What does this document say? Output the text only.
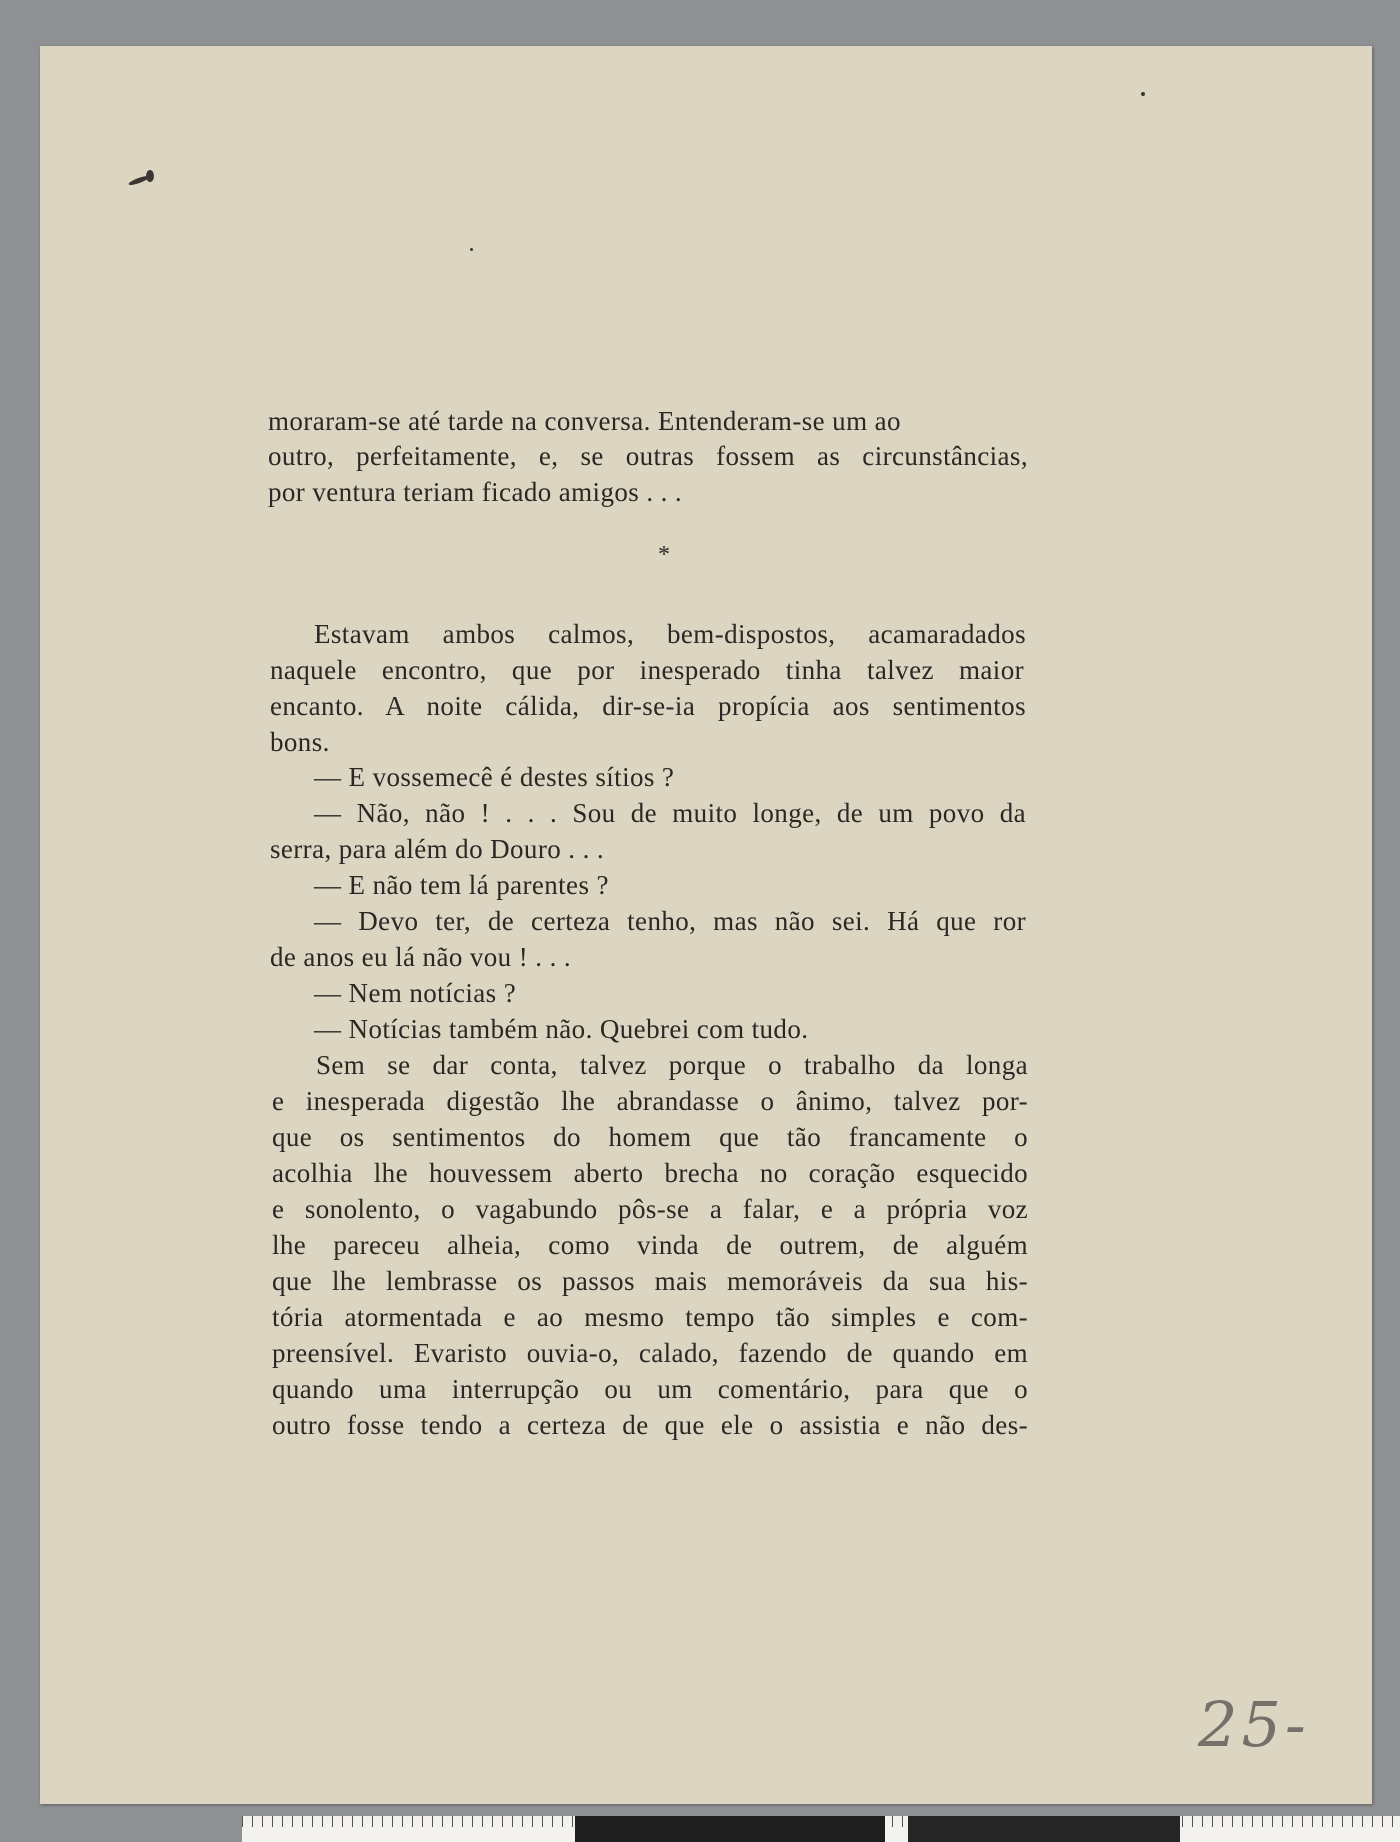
moraram-se até tarde na conversa. Entenderam-se um ao
outro, perfeitamente, e, se outras fossem as circunstâncias,
por ventura teriam ficado amigos . . .
*
Estavam ambos calmos, bem-dispostos, acamaradados
naquele encontro, que por inesperado tinha talvez maior
encanto. A noite cálida, dir-se-ia propícia aos sentimentos
bons.
— E vossemecê é destes sítios ?
— Não, não ! . . . Sou de muito longe, de um povo da
serra, para além do Douro . . .
— E não tem lá parentes ?
— Devo ter, de certeza tenho, mas não sei. Há que ror
de anos eu lá não vou ! . . .
— Nem notícias ?
— Notícias também não. Quebrei com tudo.
Sem se dar conta, talvez porque o trabalho da longa
e inesperada digestão lhe abrandasse o ânimo, talvez por-
que os sentimentos do homem que tão francamente o
acolhia lhe houvessem aberto brecha no coração esquecido
e sonolento, o vagabundo pôs-se a falar, e a própria voz
lhe pareceu alheia, como vinda de outrem, de alguém
que lhe lembrasse os passos mais memoráveis da sua his-
tória atormentada e ao mesmo tempo tão simples e com-
preensível. Evaristo ouvia-o, calado, fazendo de quando em
quando uma interrupção ou um comentário, para que o
outro fosse tendo a certeza de que ele o assistia e não des-
25-
